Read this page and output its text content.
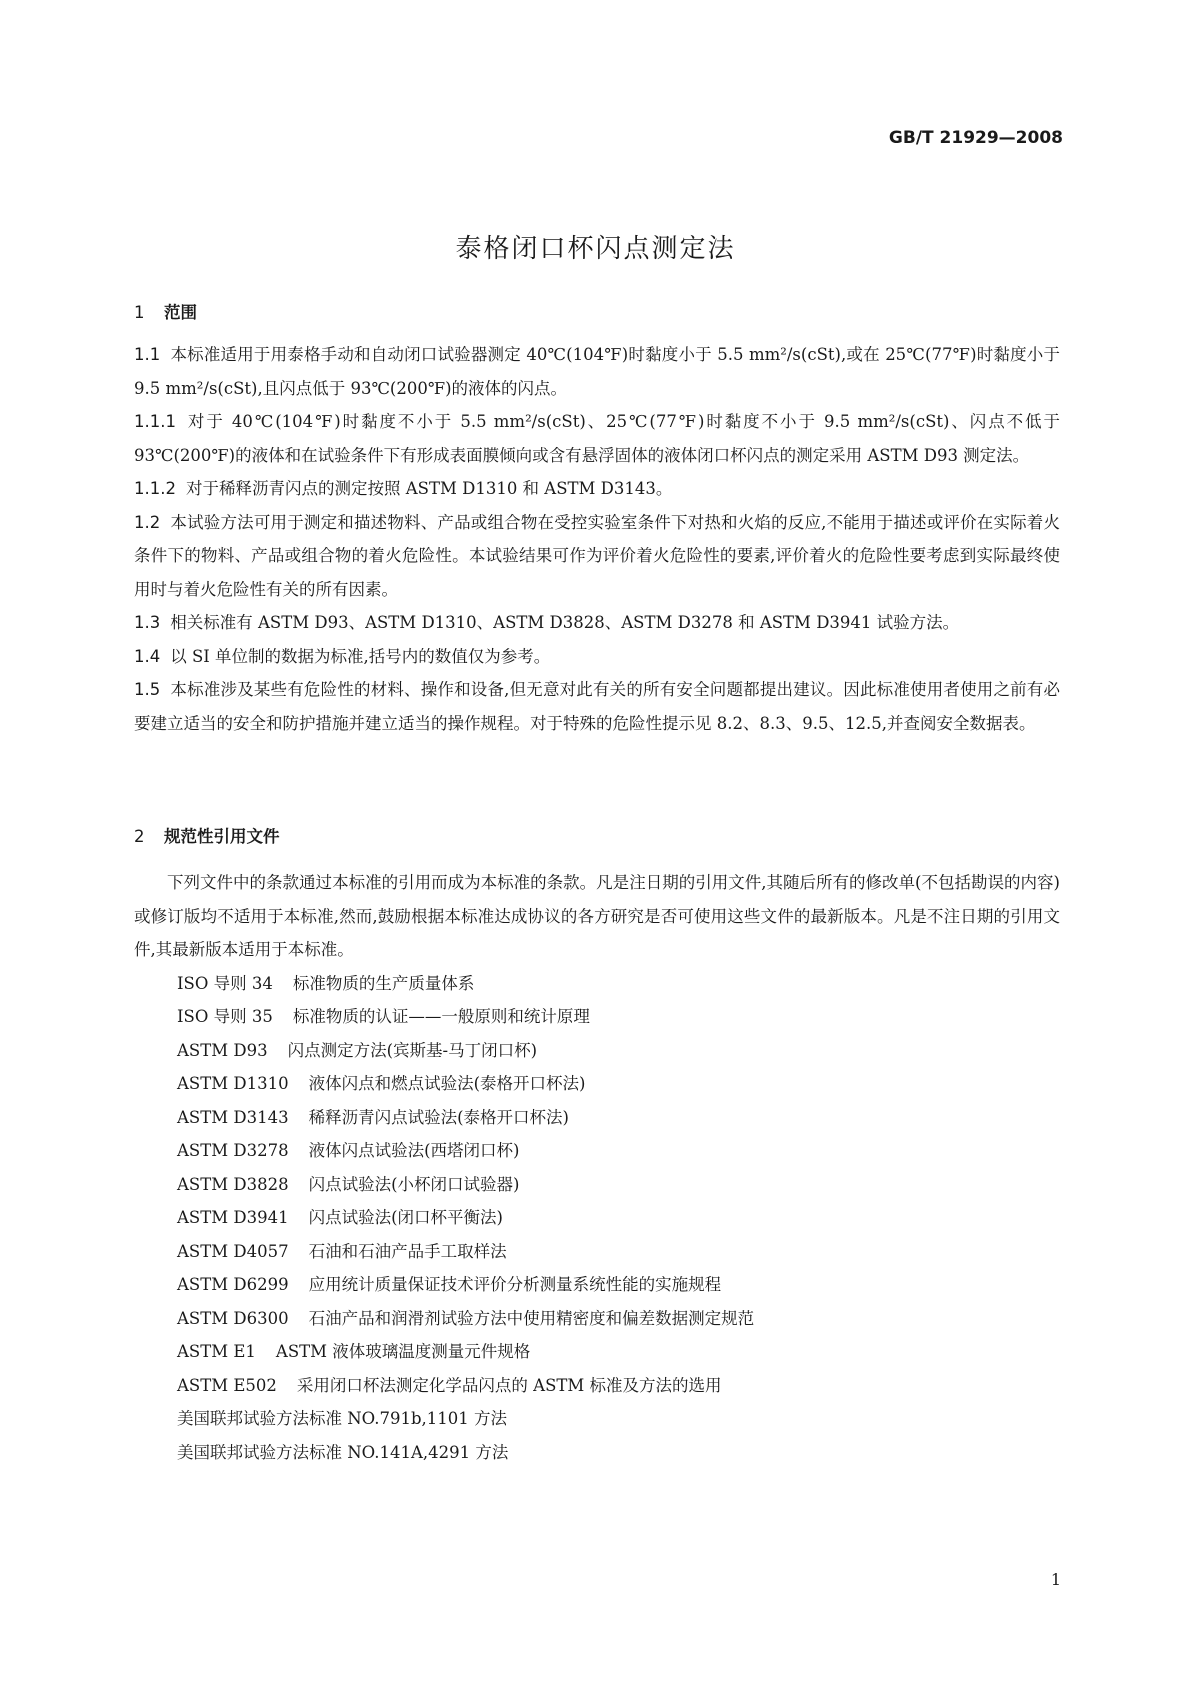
GB/T 21929—2008
泰格闭口杯闪点测定法
1 范围

1.1 本标准适用于用泰格手动和自动闭口试验器测定 40℃(104℉)时黏度小于 5.5 mm²/s(cSt),或在 25℃(77℉)时黏度小于 9.5 mm²/s(cSt),且闪点低于 93℃(200℉)的液体的闪点。

1.1.1 对于 40℃(104℉)时黏度不小于 5.5 mm²/s(cSt)、25℃(77℉)时黏度不小于 9.5 mm²/s(cSt)、闪点不低于 93℃(200℉)的液体和在试验条件下有形成表面膜倾向或含有悬浮固体的液体闭口杯闪点的测定采用 ASTM D93 测定法。

1.1.2 对于稀释沥青闪点的测定按照 ASTM D1310 和 ASTM D3143。

1.2 本试验方法可用于测定和描述物料、产品或组合物在受控实验室条件下对热和火焰的反应,不能用于描述或评价在实际着火条件下的物料、产品或组合物的着火危险性。本试验结果可作为评价着火危险性的要素,评价着火的危险性要考虑到实际最终使用时与着火危险性有关的所有因素。

1.3 相关标准有 ASTM D93、ASTM D1310、ASTM D3828、ASTM D3278 和 ASTM D3941 试验方法。

1.4 以 SI 单位制的数据为标准,括号内的数值仅为参考。

1.5 本标准涉及某些有危险性的材料、操作和设备,但无意对此有关的所有安全问题都提出建议。因此标准使用者使用之前有必要建立适当的安全和防护措施并建立适当的操作规程。对于特殊的危险性提示见 8.2、8.3、9.5、12.5,并查阅安全数据表。

2 规范性引用文件

下列文件中的条款通过本标准的引用而成为本标准的条款。凡是注日期的引用文件,其随后所有的修改单(不包括勘误的内容)或修订版均不适用于本标准,然而,鼓励根据本标准达成协议的各方研究是否可使用这些文件的最新版本。凡是不注日期的引用文件,其最新版本适用于本标准。

ISO 导则 34 标准物质的生产质量体系
ISO 导则 35 标准物质的认证——一般原则和统计原理
ASTM D93 闪点测定方法(宾斯基-马丁闭口杯)
ASTM D1310 液体闪点和燃点试验法(泰格开口杯法)
ASTM D3143 稀释沥青闪点试验法(泰格开口杯法)
ASTM D3278 液体闪点试验法(西塔闭口杯)
ASTM D3828 闪点试验法(小杯闭口试验器)
ASTM D3941 闪点试验法(闭口杯平衡法)
ASTM D4057 石油和石油产品手工取样法
ASTM D6299 应用统计质量保证技术评价分析测量系统性能的实施规程
ASTM D6300 石油产品和润滑剂试验方法中使用精密度和偏差数据测定规范
ASTM E1 ASTM 液体玻璃温度测量元件规格
ASTM E502 采用闭口杯法测定化学品闪点的 ASTM 标准及方法的选用
美国联邦试验方法标准 NO.791b,1101 方法
美国联邦试验方法标准 NO.141A,4291 方法
1
